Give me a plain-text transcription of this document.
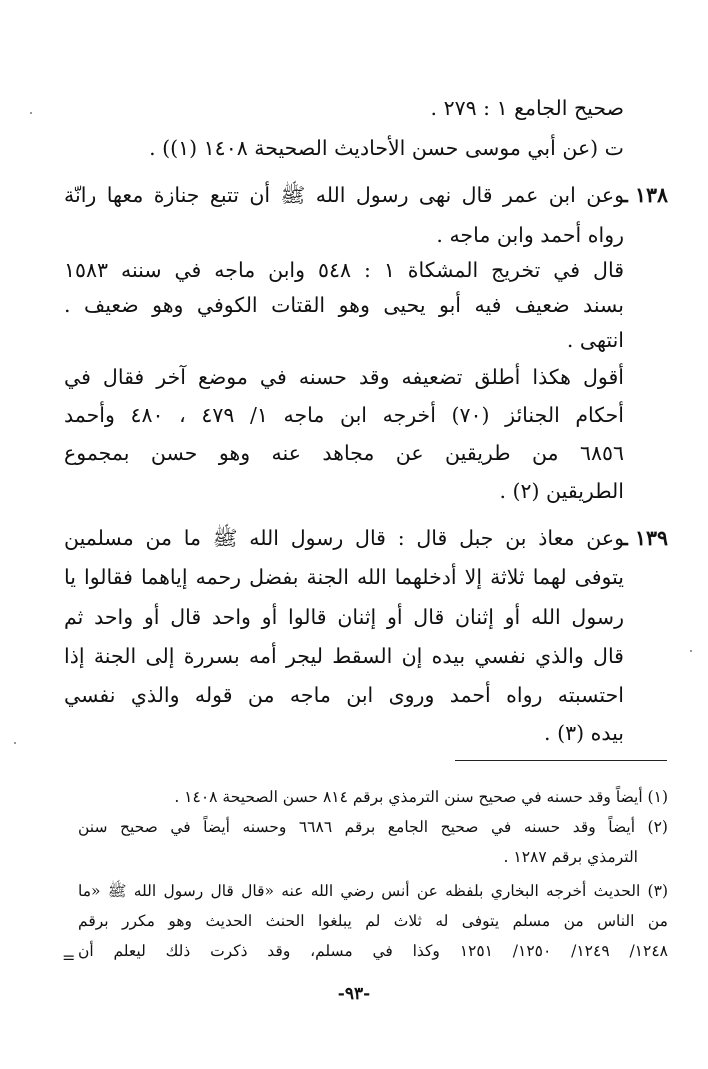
صحيح الجامع ١ : ٢٧٩ .
ت (عن أبي موسى حسن الأحاديث الصحيحة ١٤٠٨ (١)) .
١٣٨ ـ
وعن ابن عمر قال نهى رسول الله ﷺ أن تتبع جنازة معها رانّة
رواه أحمد وابن ماجه .
قال في تخريج المشكاة ١ : ٥٤٨ وابن ماجه في سننه ١٥٨٣
بسند ضعيف فيه أبو يحيى وهو القتات الكوفي وهو ضعيف .
انتهى .
أقول هكذا أطلق تضعيفه وقد حسنه في موضع آخر فقال في
أحكام الجنائز (٧٠) أخرجه ابن ماجه ١/ ٤٧٩ ، ٤٨٠ وأحمد
٦٨٥٦ من طريقين عن مجاهد عنه وهو حسن بمجموع
الطريقين (٢) .
١٣٩ ـ
وعن معاذ بن جبل قال : قال رسول الله ﷺ ما من مسلمين
يتوفى لهما ثلاثة إلا أدخلهما الله الجنة بفضل رحمه إياهما فقالوا يا
رسول الله أو إثنان قال أو إثنان قالوا أو واحد قال أو واحد ثم
قال والذي نفسي بيده إن السقط ليجر أمه بسررة إلى الجنة إذا
احتسبته رواه أحمد وروى ابن ماجه من قوله والذي نفسي
بيده (٣) .
(١) أيضاً وقد حسنه في صحيح سنن الترمذي برقم ٨١٤ حسن الصحيحة ١٤٠٨ .
(٢) أيضاً وقد حسنه في صحيح الجامع برقم ٦٦٨٦ وحسنه أيضاً في صحيح سنن
الترمذي برقم ١٢٨٧ .
(٣) الحديث أخرجه البخاري بلفظه عن أنس رضي الله عنه «قال قال رسول الله ﷺ «ما
من الناس من مسلم يتوفى له ثلاث لم يبلغوا الحنث الحديث وهو مكرر برقم
١٢٤٨/ ١٢٤٩/ ١٢٥٠/ ١٢٥١ وكذا في مسلم، وقد ذكرت ذلك ليعلم أن
=
-٩٣-
